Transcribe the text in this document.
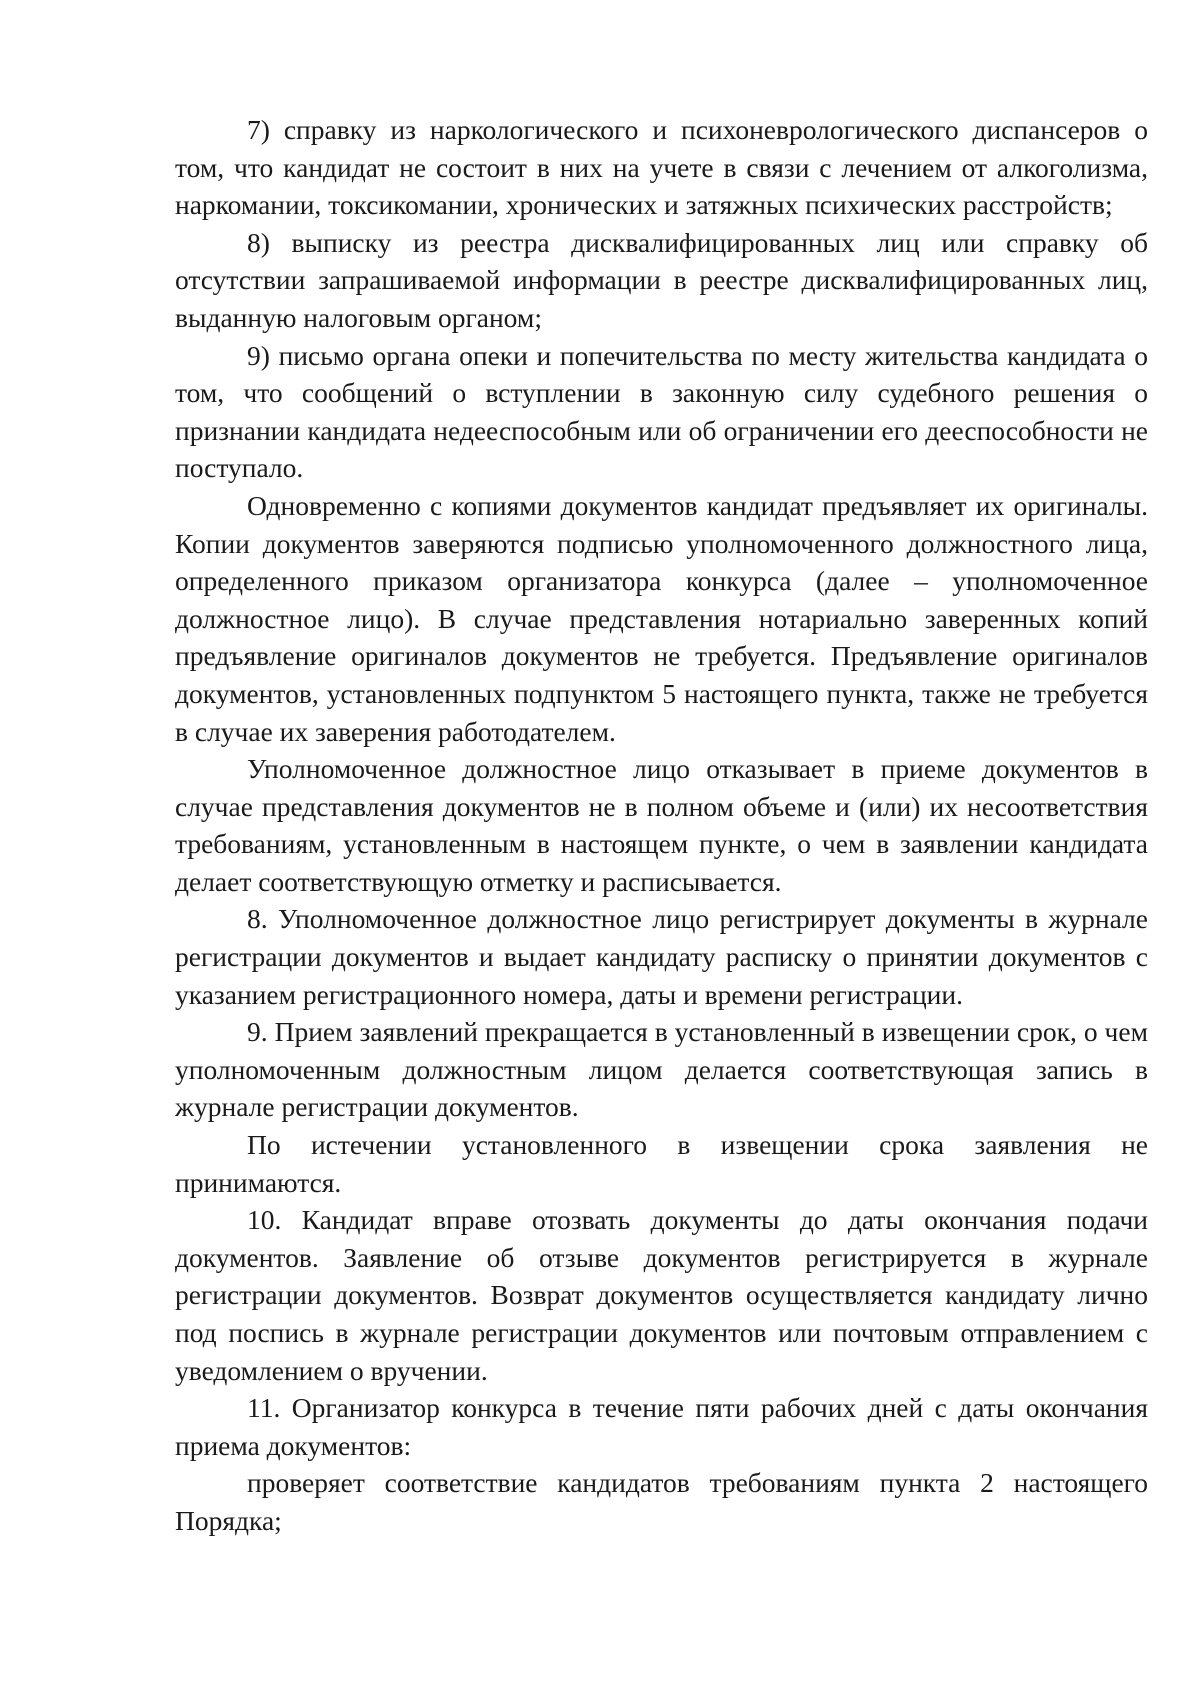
7) справку из наркологического и психоневрологического диспансеров о том, что кандидат не состоит в них на учете в связи с лечением от алкоголизма, наркомании, токсикомании, хронических и затяжных психических расстройств;

8) выписку из реестра дисквалифицированных лиц или справку об отсутствии запрашиваемой информации в реестре дисквалифицированных лиц, выданную налоговым органом;

9) письмо органа опеки и попечительства по месту жительства кандидата о том, что сообщений о вступлении в законную силу судебного решения о признании кандидата недееспособным или об ограничении его дееспособности не поступало.

Одновременно с копиями документов кандидат предъявляет их оригиналы. Копии документов заверяются подписью уполномоченного должностного лица, определенного приказом организатора конкурса (далее – уполномоченное должностное лицо). В случае представления нотариально заверенных копий предъявление оригиналов документов не требуется. Предъявление оригиналов документов, установленных подпунктом 5 настоящего пункта, также не требуется в случае их заверения работодателем.

Уполномоченное должностное лицо отказывает в приеме документов в случае представления документов не в полном объеме и (или) их несоответствия требованиям, установленным в настоящем пункте, о чем в заявлении кандидата делает соответствующую отметку и расписывается.

8. Уполномоченное должностное лицо регистрирует документы в журнале регистрации документов и выдает кандидату расписку о принятии документов с указанием регистрационного номера, даты и времени регистрации.

9. Прием заявлений прекращается в установленный в извещении срок, о чем уполномоченным должностным лицом делается соответствующая запись в журнале регистрации документов.

По истечении установленного в извещении срока заявления не принимаются.

10. Кандидат вправе отозвать документы до даты окончания подачи документов. Заявление об отзыве документов регистрируется в журнале регистрации документов. Возврат документов осуществляется кандидату лично под поспись в журнале регистрации документов или почтовым отправлением с уведомлением о вручении.

11. Организатор конкурса в течение пяти рабочих дней с даты окончания приема документов:

проверяет соответствие кандидатов требованиям пункта 2 настоящего Порядка;
